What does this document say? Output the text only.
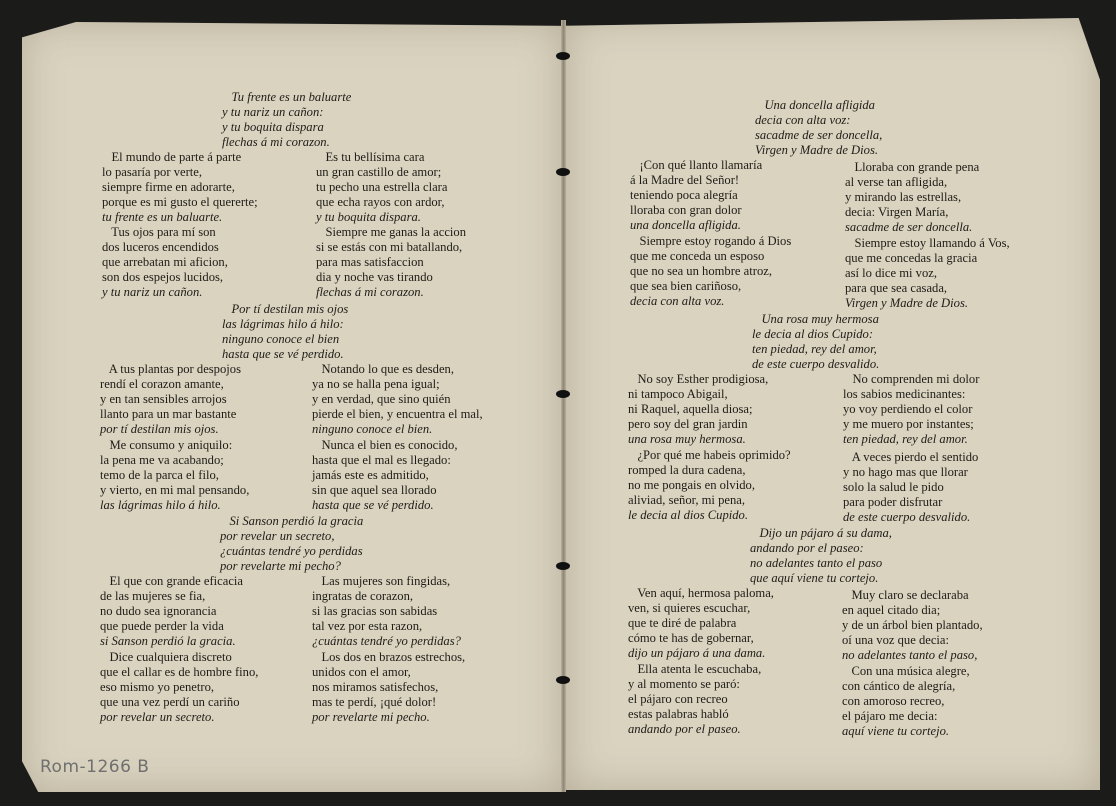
Tu frente es un baluarte
y tu nariz un cañon:
y tu boquita dispara
flechas á mi corazon.
El mundo de parte á parte
lo pasaría por verte,
siempre firme en adorarte,
porque es mi gusto el quererte;
tu frente es un baluarte.
Tus ojos para mí son
dos luceros encendidos
que arrebatan mi aficion,
son dos espejos lucidos,
y tu nariz un cañon.
Es tu bellísima cara
un gran castillo de amor;
tu pecho una estrella clara
que echa rayos con ardor,
y tu boquita dispara.
Siempre me ganas la accion
si se estás con mi batallando,
para mas satisfaccion
dia y noche vas tirando
flechas á mi corazon.
Por tí destilan mis ojos
las lágrimas hilo á hilo:
ninguno conoce el bien
hasta que se vé perdido.
A tus plantas por despojos
rendí el corazon amante,
y en tan sensibles arrojos
llanto para un mar bastante
por tí destilan mis ojos.
Me consumo y aniquilo:
la pena me va acabando;
temo de la parca el filo,
y vierto, en mi mal pensando,
las lágrimas hilo á hilo.
Notando lo que es desden,
ya no se halla pena igual;
y en verdad, que sino quién
pierde el bien, y encuentra el mal,
ninguno conoce el bien.
Nunca el bien es conocido,
hasta que el mal es llegado:
jamás este es admitido,
sin que aquel sea llorado
hasta que se vé perdido.
Si Sanson perdió la gracia
por revelar un secreto,
¿cuántas tendré yo perdidas
por revelarte mi pecho?
El que con grande eficacia
de las mujeres se fia,
no dudo sea ignorancia
que puede perder la vida
si Sanson perdió la gracia.
Dice cualquiera discreto
que el callar es de hombre fino,
eso mismo yo penetro,
que una vez perdí un cariño
por revelar un secreto.
Las mujeres son fingidas,
ingratas de corazon,
si las gracias son sabidas
tal vez por esta razon,
¿cuántas tendré yo perdidas?
Los dos en brazos estrechos,
unidos con el amor,
nos miramos satisfechos,
mas te perdí, ¡qué dolor!
por revelarte mi pecho.
Una doncella afligida
decia con alta voz:
sacadme de ser doncella,
Virgen y Madre de Dios.
¡Con qué llanto llamaría
á la Madre del Señor!
teniendo poca alegría
lloraba con gran dolor
una doncella afligida.
Siempre estoy rogando á Dios
que me conceda un esposo
que no sea un hombre atroz,
que sea bien cariñoso,
decia con alta voz.
Lloraba con grande pena
al verse tan afligida,
y mirando las estrellas,
decia: Virgen María,
sacadme de ser doncella.
Siempre estoy llamando á Vos,
que me concedas la gracia
así lo dice mi voz,
para que sea casada,
Virgen y Madre de Dios.
Una rosa muy hermosa
le decia al dios Cupido:
ten piedad, rey del amor,
de este cuerpo desvalido.
No soy Esther prodigiosa,
ni tampoco Abigail,
ni Raquel, aquella diosa;
pero soy del gran jardin
una rosa muy hermosa.
¿Por qué me habeis oprimido?
romped la dura cadena,
no me pongais en olvido,
aliviad, señor, mi pena,
le decia al dios Cupido.
No comprenden mi dolor
los sabios medicinantes:
yo voy perdiendo el color
y me muero por instantes;
ten piedad, rey del amor.
A veces pierdo el sentido
y no hago mas que llorar
solo la salud le pido
para poder disfrutar
de este cuerpo desvalido.
Dijo un pájaro á su dama,
andando por el paseo:
no adelantes tanto el paso
que aquí viene tu cortejo.
Ven aquí, hermosa paloma,
ven, si quieres escuchar,
que te diré de palabra
cómo te has de gobernar,
dijo un pájaro á una dama.
Ella atenta le escuchaba,
y al momento se paró:
el pájaro con recreo
estas palabras habló
andando por el paseo.
Muy claro se declaraba
en aquel citado dia;
y de un árbol bien plantado,
oí una voz que decia:
no adelantes tanto el paso,
Con una música alegre,
con cántico de alegría,
con amoroso recreo,
el pájaro me decia:
aquí viene tu cortejo.
Rom-1266 B
